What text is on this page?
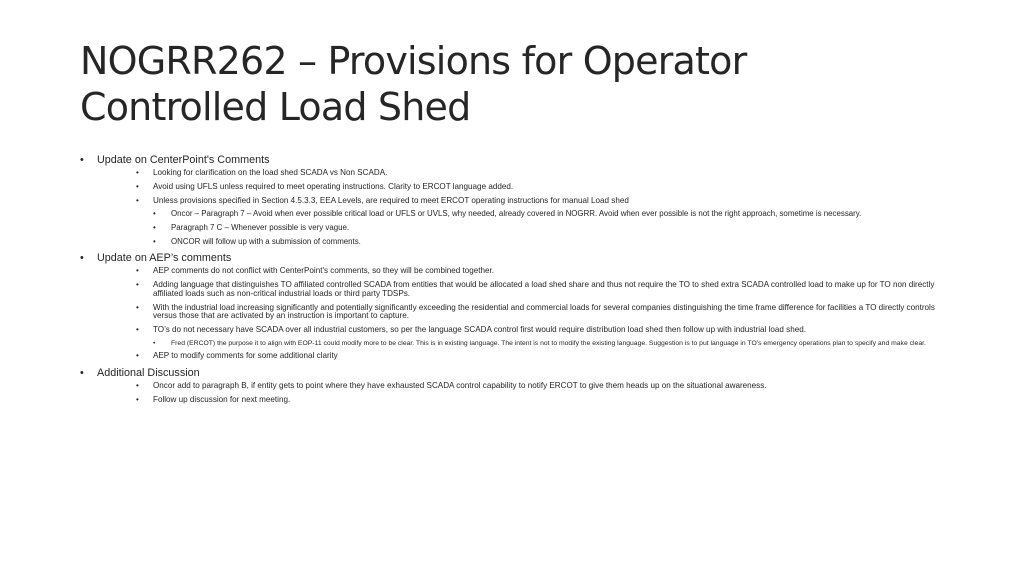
NOGRR262 – Provisions for Operator
Controlled Load Shed
• Update on CenterPoint's Comments
• Looking for clarification on the load shed SCADA vs Non SCADA.
• Avoid using UFLS unless required to meet operating instructions. Clarity to ERCOT language added.
• Unless provisions specified in Section 4.5.3.3, EEA Levels, are required to meet ERCOT operating instructions for manual Load shed
• Oncor – Paragraph 7 – Avoid when ever possible critical load or UFLS or UVLS, why needed, already covered in NOGRR. Avoid when ever possible is not the right approach, sometime is necessary.
• Paragraph 7 C – Whenever possible is very vague.
• ONCOR will follow up with a submission of comments.
• Update on AEP’s comments
• AEP comments do not conflict with CenterPoint's comments, so they will be combined together.
• Adding language that distinguishes TO affiliated controlled SCADA from entities that would be allocated a load shed share and thus not require the TO to shed extra SCADA controlled load to make up for TO non directly affiliated loads such as non-critical industrial loads or third party TDSPs.
• With the industrial load increasing significantly and potentially significantly exceeding the residential and commercial loads for several companies distinguishing the time frame difference for facilities a TO directly controls versus those that are activated by an instruction is important to capture.
• TO’s do not necessary have SCADA over all industrial customers, so per the language SCADA control first would require distribution load shed then follow up with industrial load shed.
• Fred (ERCOT) the purpose it to align with EOP-11 could modify more to be clear. This is in existing language. The intent is not to modify the existing language. Suggestion is to put language in TO’s emergency operations plan to specify and make clear.
• AEP to modify comments for some additional clarity
• Additional Discussion
• Oncor add to paragraph B, if entity gets to point where they have exhausted SCADA control capability to notify ERCOT to give them heads up on the situational awareness.
• Follow up discussion for next meeting.
